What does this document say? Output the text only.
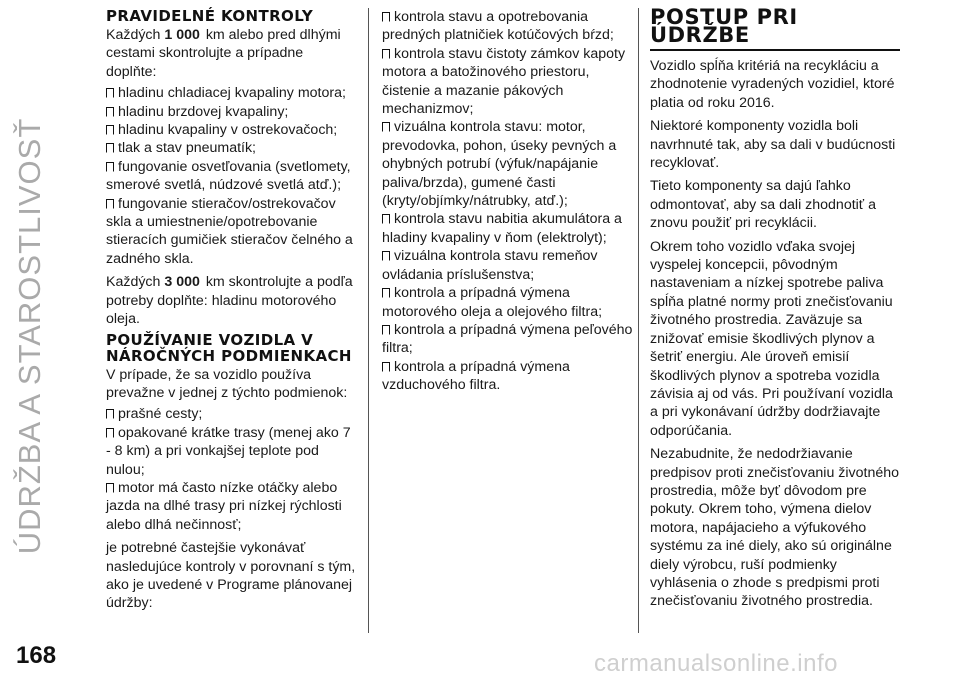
ÚDRŽBA A STAROSTLIVOSŤ
PRAVIDELNÉ KONTROLY

Každých 1 000 km alebo pred dlhými cestami skontrolujte a prípadne doplňte:

hladinu chladiacej kvapaliny motora;
hladinu brzdovej kvapaliny;
hladinu kvapaliny v ostrekovačoch;
tlak a stav pneumatík;
fungovanie osvetľovania (svetlomety, smerové svetlá, núdzové svetlá atď.);
fungovanie stieračov/ostrekovačov skla a umiestnenie/opotrebovanie stieracích gumičiek stieračov čelného a zadného skla.

Každých 3 000 km skontrolujte a podľa potreby doplňte: hladinu motorového oleja.

POUŽÍVANIE VOZIDLA V NÁROČNÝCH PODMIENKACH

V prípade, že sa vozidlo používa prevažne v jednej z týchto podmienok:

prašné cesty;
opakované krátke trasy (menej ako 7 - 8 km) a pri vonkajšej teplote pod nulou;
motor má často nízke otáčky alebo jazda na dlhé trasy pri nízkej rýchlosti alebo dlhá nečinnosť;

je potrebné častejšie vykonávať nasledujúce kontroly v porovnaní s tým, ako je uvedené v Programe plánovanej údržby:

kontrola stavu a opotrebovania predných platničiek kotúčových bŕzd;
kontrola stavu čistoty zámkov kapoty motora a batožinového priestoru, čistenie a mazanie pákových mechanizmov;
vizuálna kontrola stavu: motor, prevodovka, pohon, úseky pevných a ohybných potrubí (výfuk/napájanie paliva/brzda), gumené časti (kryty/objímky/nátrubky, atď.);
kontrola stavu nabitia akumulátora a hladiny kvapaliny v ňom (elektrolyt);
vizuálna kontrola stavu remeňov ovládania príslušenstva;
kontrola a prípadná výmena motorového oleja a olejového filtra;
kontrola a prípadná výmena peľového filtra;
kontrola a prípadná výmena vzduchového filtra.
POSTUP PRI ÚDRŽBE

Vozidlo spĺňa kritériá na recykláciu a zhodnotenie vyradených vozidiel, ktoré platia od roku 2016.

Niektoré komponenty vozidla boli navrhnuté tak, aby sa dali v budúcnosti recyklovať.

Tieto komponenty sa dajú ľahko odmontovať, aby sa dali zhodnotiť a znovu použiť pri recyklácii.

Okrem toho vozidlo vďaka svojej vyspelej koncepcii, pôvodným nastaveniam a nízkej spotrebe paliva spĺňa platné normy proti znečisťovaniu životného prostredia. Zaväzuje sa znižovať emisie škodlivých plynov a šetriť energiu. Ale úroveň emisií škodlivých plynov a spotreba vozidla závisia aj od vás. Pri používaní vozidla a pri vykonávaní údržby dodržiavajte odporúčania.

Nezabudnite, že nedodržiavanie predpisov proti znečisťovaniu životného prostredia, môže byť dôvodom pre pokuty. Okrem toho, výmena dielov motora, napájacieho a výfukového systému za iné diely, ako sú originálne diely výrobcu, ruší podmienky vyhlásenia o zhode s predpismi proti znečisťovaniu životného prostredia.

168	carmanualsonline.info
